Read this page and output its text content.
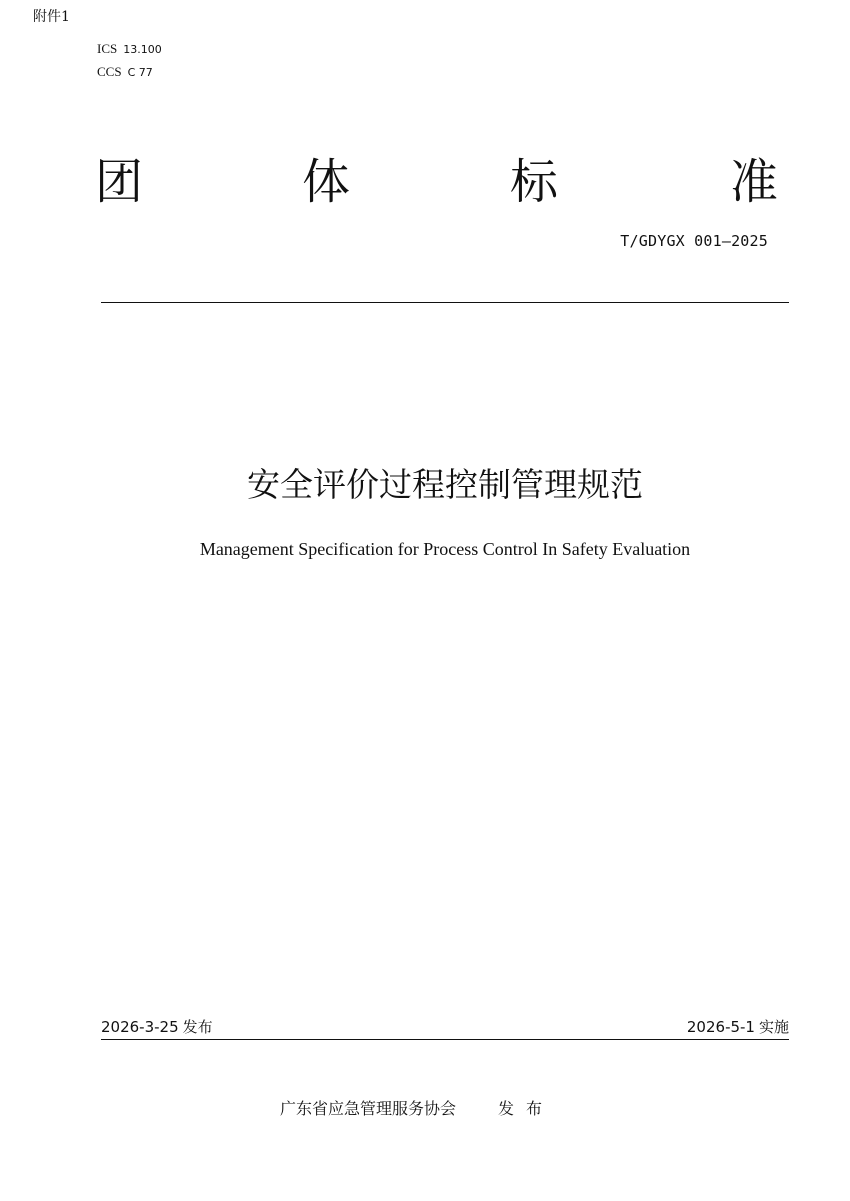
附件1
ICS 13.100
CCS C 77
团	体	标	准
T/GDYGX 001—2025
安全评价过程控制管理规范
Management Specification for Process Control In Safety Evaluation
2026-3-25 发布	2026-5-1 实施
广东省应急管理服务协会	发布
